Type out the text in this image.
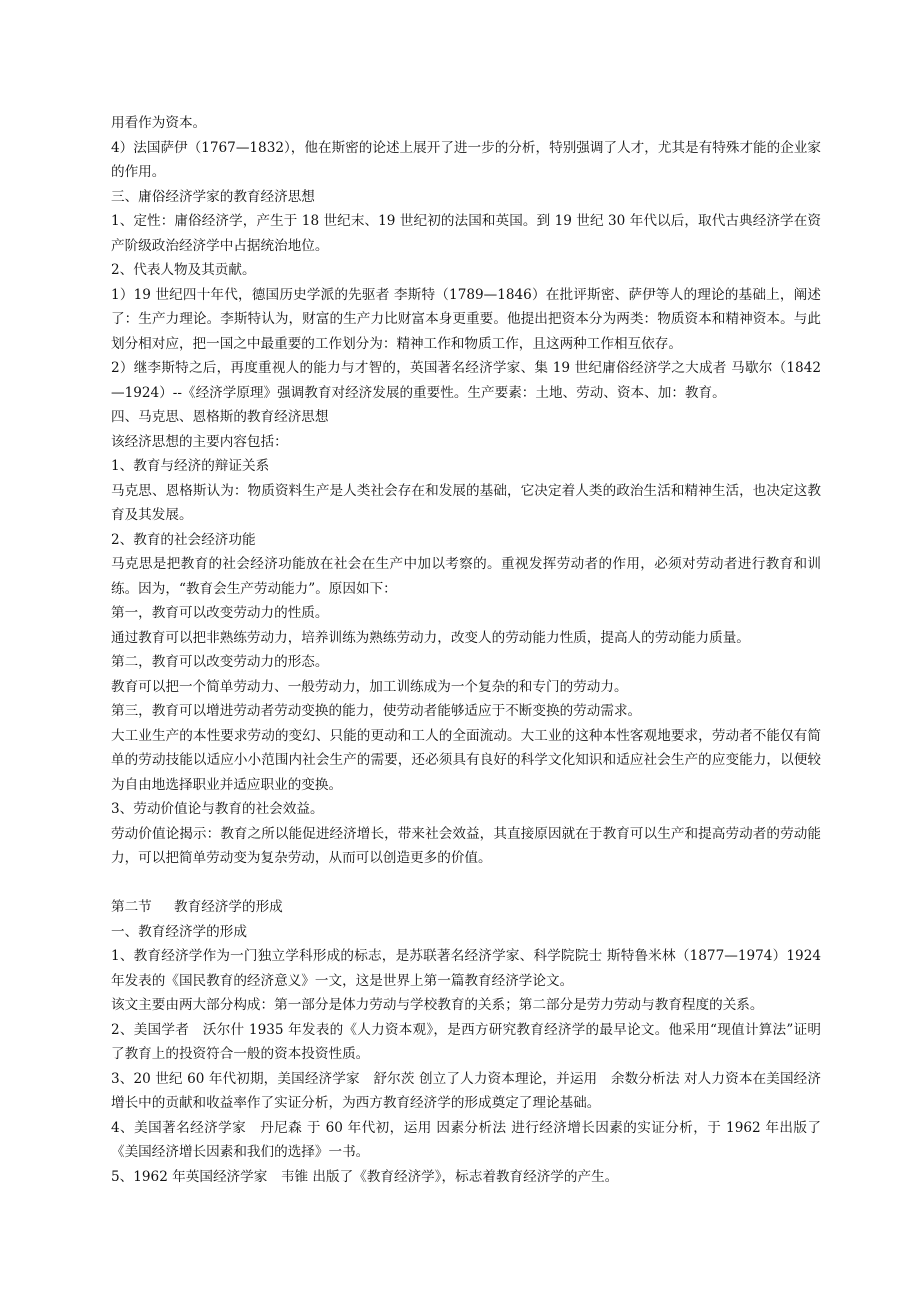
用看作为资本。

4）法国萨伊（1767—1832），他在斯密的论述上展开了进一步的分析，特别强调了人才，尤其是有特殊才能的企业家的作用。

三、庸俗经济学家的教育经济思想

1、定性：庸俗经济学，产生于 18 世纪末、19 世纪初的法国和英国。到 19 世纪 30 年代以后，取代古典经济学在资产阶级政治经济学中占据统治地位。

2、代表人物及其贡献。

1）19 世纪四十年代，德国历史学派的先驱者 李斯特（1789—1846）在批评斯密、萨伊等人的理论的基础上，阐述了：生产力理论。李斯特认为，财富的生产力比财富本身更重要。他提出把资本分为两类：物质资本和精神资本。与此划分相对应，把一国之中最重要的工作划分为：精神工作和物质工作，且这两种工作相互依存。

2）继李斯特之后，再度重视人的能力与才智的，英国著名经济学家、集 19 世纪庸俗经济学之大成者 马歇尔（1842—1924）--《经济学原理》强调教育对经济发展的重要性。生产要素：土地、劳动、资本、加：教育。

四、马克思、恩格斯的教育经济思想

该经济思想的主要内容包括：

1、教育与经济的辩证关系

马克思、恩格斯认为：物质资料生产是人类社会存在和发展的基础，它决定着人类的政治生活和精神生活，也决定这教育及其发展。

2、教育的社会经济功能

马克思是把教育的社会经济功能放在社会在生产中加以考察的。重视发挥劳动者的作用，必须对劳动者进行教育和训练。因为，“教育会生产劳动能力”。原因如下：

第一，教育可以改变劳动力的性质。

通过教育可以把非熟练劳动力，培养训练为熟练劳动力，改变人的劳动能力性质，提高人的劳动能力质量。

第二，教育可以改变劳动力的形态。

教育可以把一个简单劳动力、一般劳动力，加工训练成为一个复杂的和专门的劳动力。

第三，教育可以增进劳动者劳动变换的能力，使劳动者能够适应于不断变换的劳动需求。

大工业生产的本性要求劳动的变幻、只能的更动和工人的全面流动。大工业的这种本性客观地要求，劳动者不能仅有简单的劳动技能以适应小小范围内社会生产的需要，还必须具有良好的科学文化知识和适应社会生产的应变能力，以便较为自由地选择职业并适应职业的变换。

3、劳动价值论与教育的社会效益。

劳动价值论揭示：教育之所以能促进经济增长，带来社会效益，其直接原因就在于教育可以生产和提高劳动者的劳动能力，可以把简单劳动变为复杂劳动，从而可以创造更多的价值。

第二节　  教育经济学的形成

一、教育经济学的形成

1、教育经济学作为一门独立学科形成的标志，是苏联著名经济学家、科学院院士 斯特鲁米林（1877—1974）1924 年发表的《国民教育的经济意义》一文，这是世界上第一篇教育经济学论文。

该文主要由两大部分构成：第一部分是体力劳动与学校教育的关系；第二部分是劳力劳动与教育程度的关系。

2、美国学者　沃尔什 1935 年发表的《人力资本观》，是西方研究教育经济学的最早论文。他采用“现值计算法”证明了教育上的投资符合一般的资本投资性质。

3、20 世纪 60 年代初期，美国经济学家　舒尔茨 创立了人力资本理论，并运用　余数分析法 对人力资本在美国经济增长中的贡献和收益率作了实证分析，为西方教育经济学的形成奠定了理论基础。

4、美国著名经济学家　丹尼森 于 60 年代初，运用 因素分析法 进行经济增长因素的实证分析，于 1962 年出版了《美国经济增长因素和我们的选择》一书。

5、1962 年英国经济学家　韦锥 出版了《教育经济学》，标志着教育经济学的产生。
